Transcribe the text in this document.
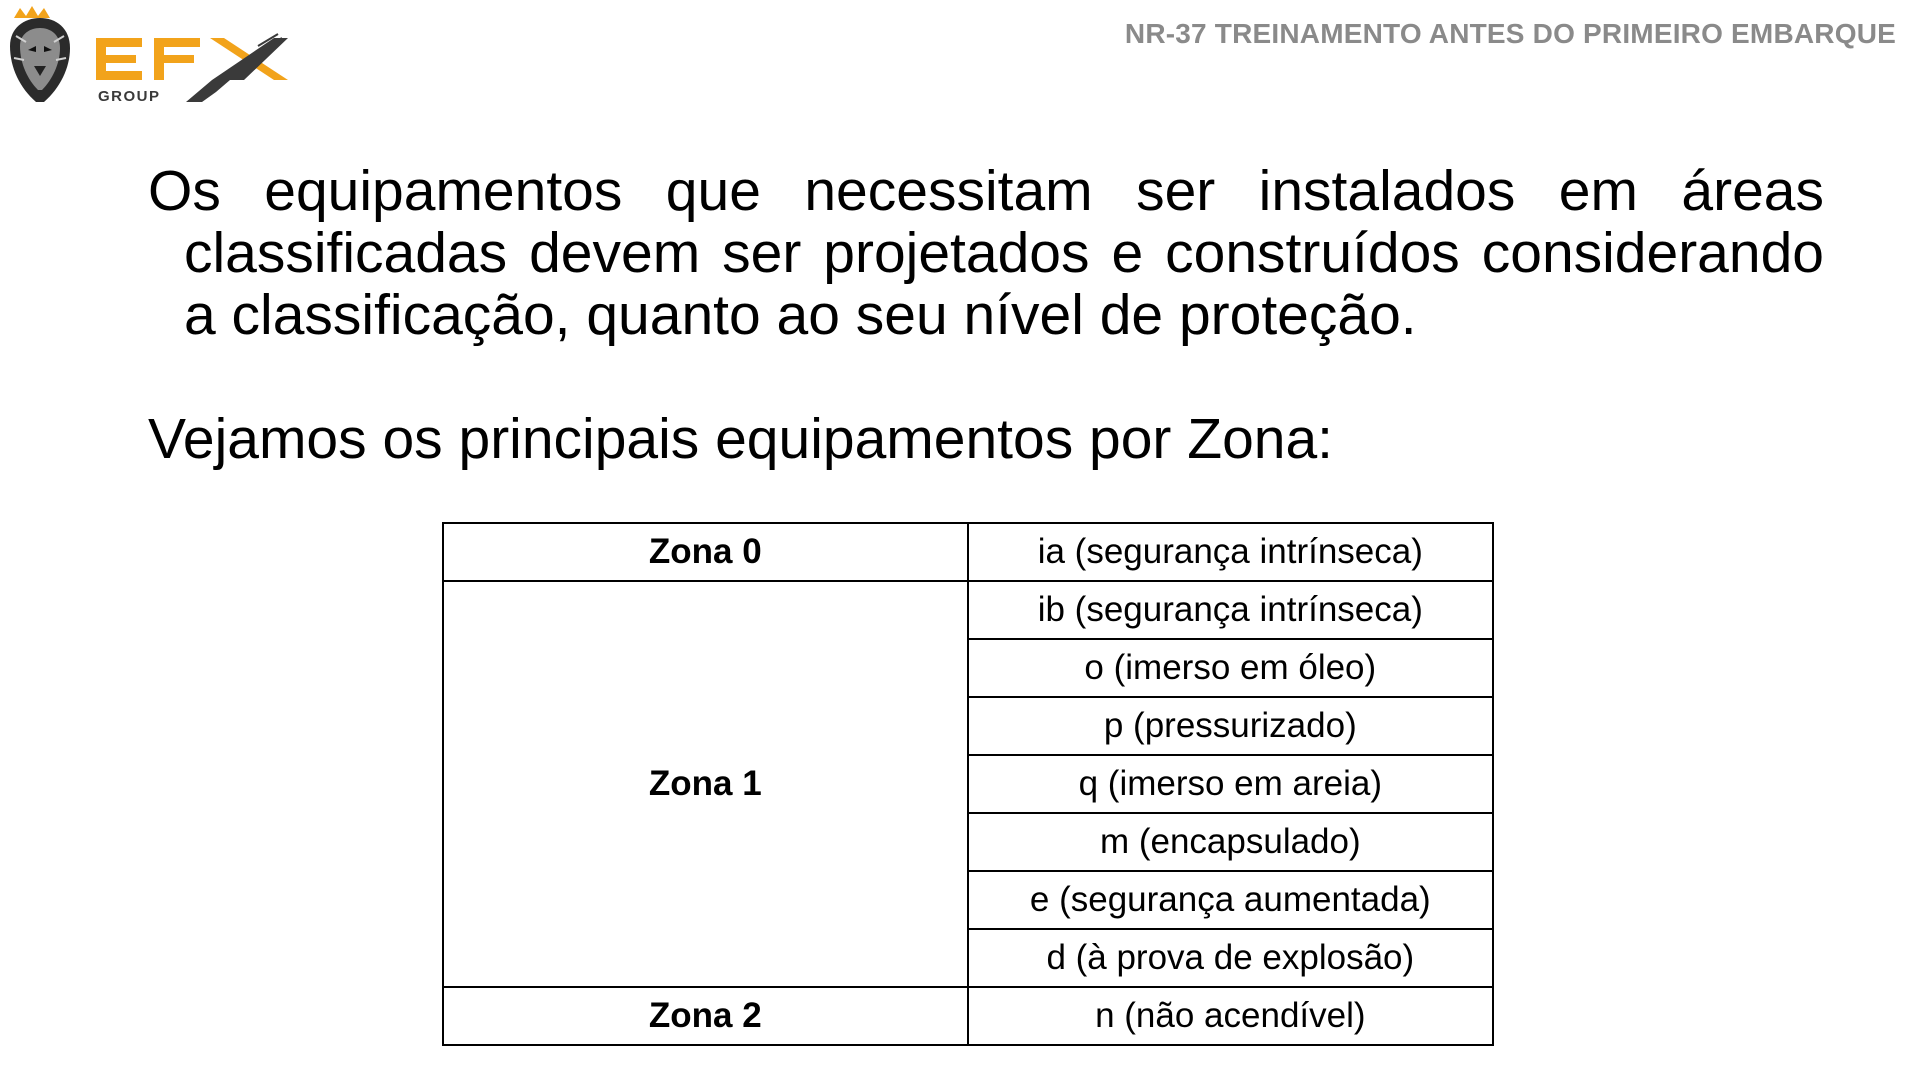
GROUP
NR-37 TREINAMENTO ANTES DO PRIMEIRO EMBARQUE

Os equipamentos que necessitam ser instalados em áreas classificadas devem ser projetados e construídos considerando a classificação, quanto ao seu nível de proteção.

Vejamos os principais equipamentos por Zona:
Zona 0	ia (segurança intrínseca)
Zona 1	ib (segurança intrínseca)
	o (imerso em óleo)
	p (pressurizado)
	q (imerso em areia)
	m (encapsulado)
	e (segurança aumentada)
	d (à prova de explosão)
Zona 2	n (não acendível)
